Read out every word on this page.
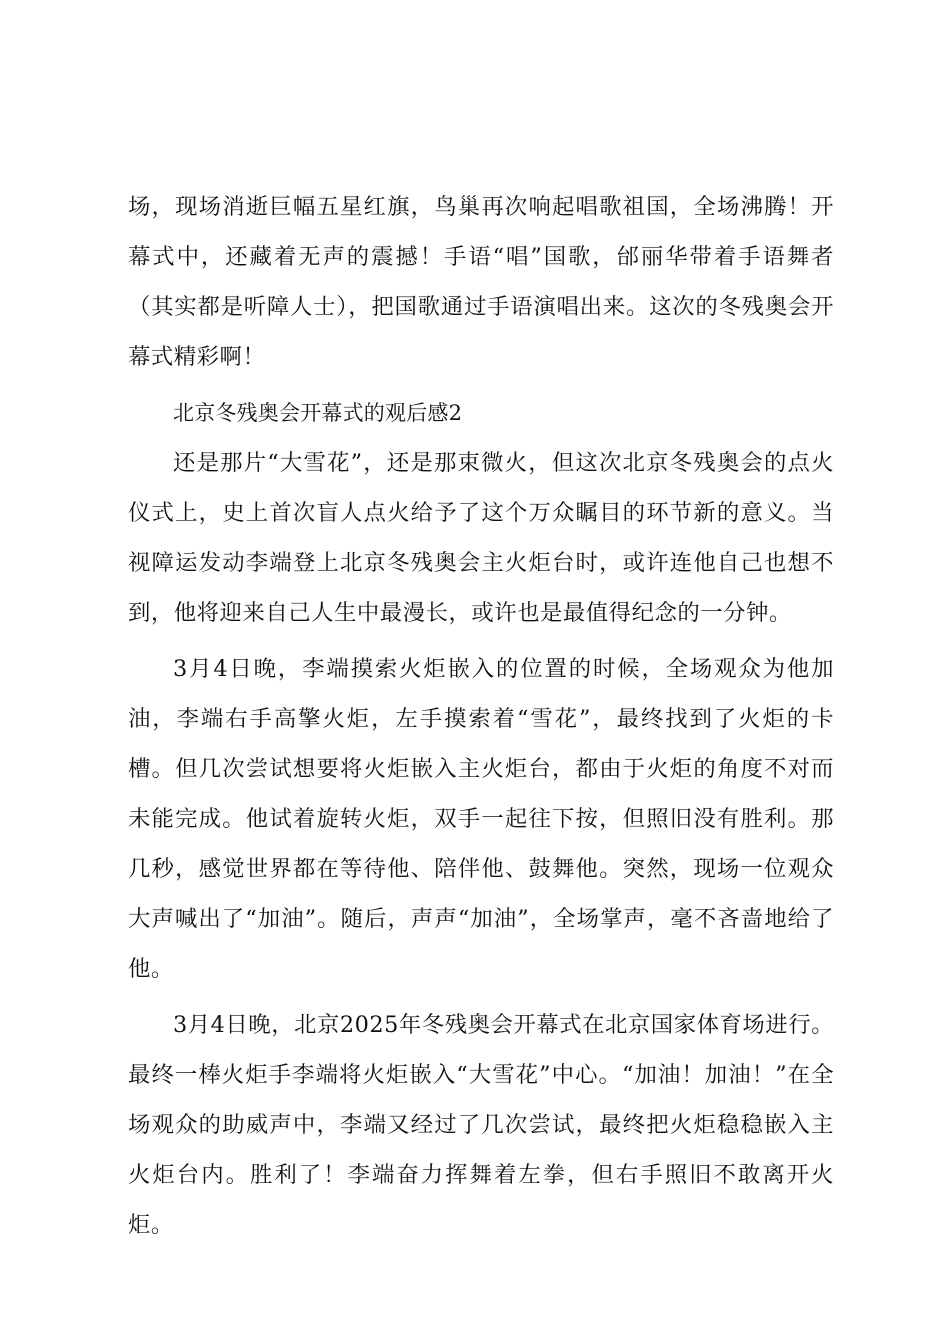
场，现场消逝巨幅五星红旗，鸟巢再次响起唱歌祖国，全场沸腾！开幕式中，还藏着无声的震撼！手语“唱”国歌，邰丽华带着手语舞者（其实都是听障人士），把国歌通过手语演唱出来。这次的冬残奥会开幕式精彩啊！

北京冬残奥会开幕式的观后感2

还是那片“大雪花”，还是那束微火，但这次北京冬残奥会的点火仪式上，史上首次盲人点火给予了这个万众瞩目的环节新的意义。当视障运发动李端登上北京冬残奥会主火炬台时，或许连他自己也想不到，他将迎来自己人生中最漫长，或许也是最值得纪念的一分钟。

3月4日晚，李端摸索火炬嵌入的位置的时候，全场观众为他加油，李端右手高擎火炬，左手摸索着“雪花”，最终找到了火炬的卡槽。但几次尝试想要将火炬嵌入主火炬台，都由于火炬的角度不对而未能完成。他试着旋转火炬，双手一起往下按，但照旧没有胜利。那几秒，感觉世界都在等待他、陪伴他、鼓舞他。突然，现场一位观众大声喊出了“加油”。随后，声声“加油”，全场掌声，毫不吝啬地给了他。

3月4日晚，北京2025年冬残奥会开幕式在北京国家体育场进行。最终一棒火炬手李端将火炬嵌入“大雪花”中心。“加油！加油！”在全场观众的助威声中，李端又经过了几次尝试，最终把火炬稳稳嵌入主火炬台内。胜利了！李端奋力挥舞着左拳，但右手照旧不敢离开火炬。
